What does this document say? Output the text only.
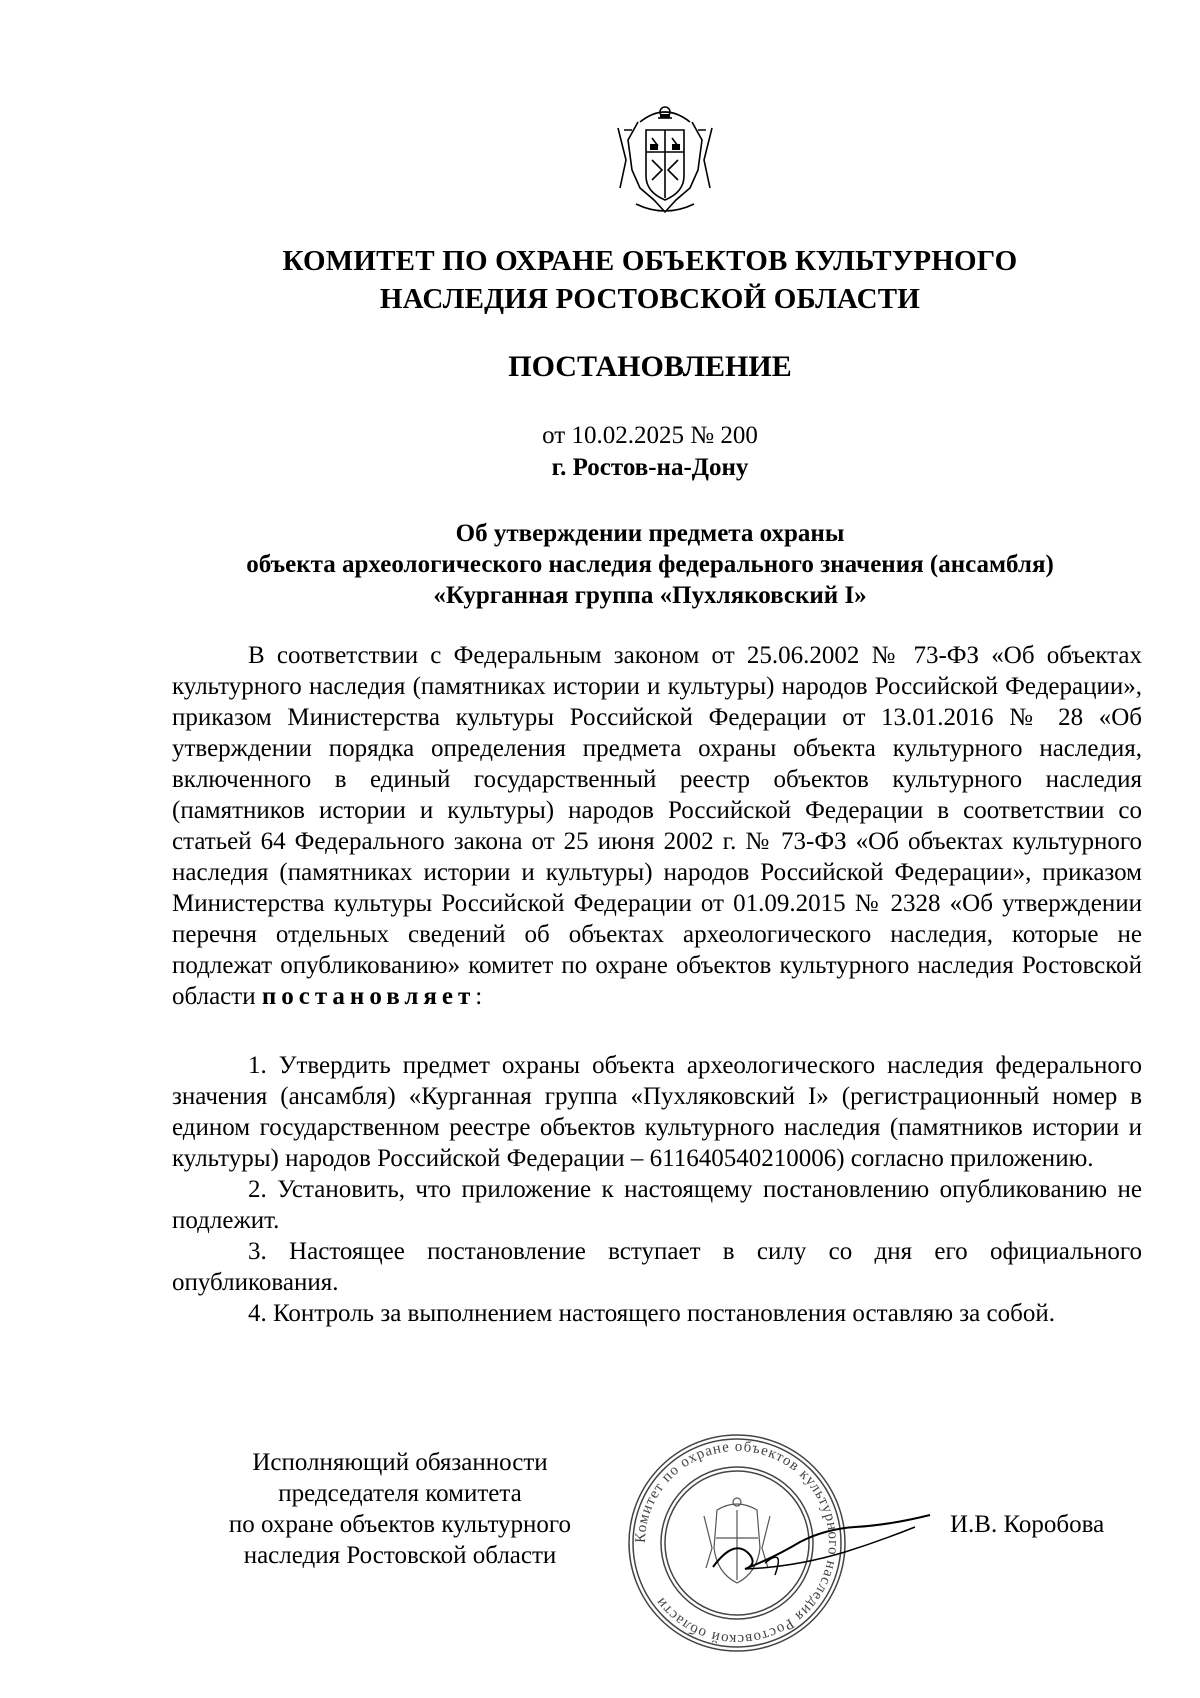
КОМИТЕТ ПО ОХРАНЕ ОБЪЕКТОВ КУЛЬТУРНОГО
НАСЛЕДИЯ РОСТОВСКОЙ ОБЛАСТИ
ПОСТАНОВЛЕНИЕ
от 10.02.2025 № 200
г. Ростов-на-Дону
Об утверждении предмета охраны
объекта археологического наследия федерального значения (ансамбля)
«Курганная группа «Пухляковский I»

В соответствии с Федеральным законом от 25.06.2002 № 73-ФЗ «Об объектах культурного наследия (памятниках истории и культуры) народов Российской Федерации», приказом Министерства культуры Российской Федерации от 13.01.2016 № 28 «Об утверждении порядка определения предмета охраны объекта культурного наследия, включенного в единый государственный реестр объектов культурного наследия (памятников истории и культуры) народов Российской Федерации в соответствии со статьей 64 Федерального закона от 25 июня 2002 г. № 73-ФЗ «Об объектах культурного наследия (памятниках истории и культуры) народов Российской Федерации», приказом Министерства культуры Российской Федерации от 01.09.2015 № 2328 «Об утверждении перечня отдельных сведений об объектах археологического наследия, которые не подлежат опубликованию» комитет по охране объектов культурного наследия Ростовской области постановляет:

1. Утвердить предмет охраны объекта археологического наследия федерального значения (ансамбля) «Курганная группа «Пухляковский I» (регистрационный номер в едином государственном реестре объектов культурного наследия (памятников истории и культуры) народов Российской Федерации – 611640540210006) согласно приложению.

2. Установить, что приложение к настоящему постановлению опубликованию не подлежит.

3. Настоящее постановление вступает в силу со дня его официального опубликования.

4. Контроль за выполнением настоящего постановления оставляю за собой.

Исполняющий обязанности
председателя комитета
по охране объектов культурного
наследия Ростовской области
Комитет по охране объектов культурного наследия Ростовской области
И.В. Коробова
